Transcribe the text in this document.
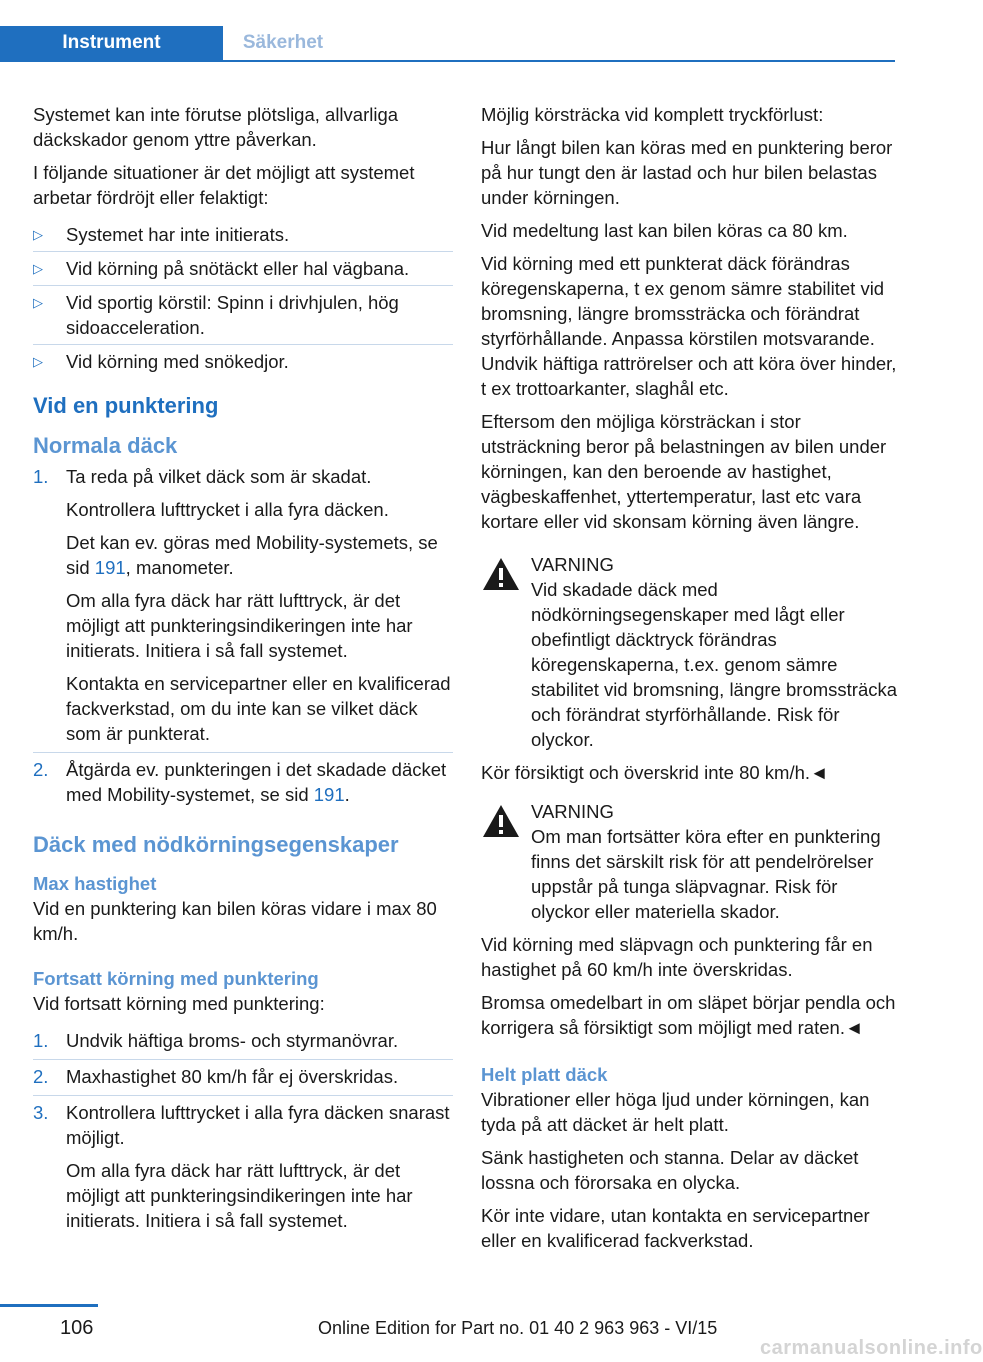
Instrument	Säkerhet

Systemet kan inte förutse plötsliga, allvarliga däckskador genom yttre påverkan.

I följande situationer är det möjligt att systemet arbetar fördröjt eller felaktigt:

▷ Systemet har inte initierats.
▷ Vid körning på snötäckt eller hal vägbana.
▷ Vid sportig körstil: Spinn i drivhjulen, hög sidoacceleration.
▷ Vid körning med snökedjor.
Vid en punktering
Normala däck
1. Ta reda på vilket däck som är skadat.

Kontrollera lufttrycket i alla fyra däcken.

Det kan ev. göras med Mobility-systemets, se sid 191, manometer.

Om alla fyra däck har rätt lufttryck, är det möjligt att punkteringsindikeringen inte har initierats. Initiera i så fall systemet.

Kontakta en servicepartner eller en kvalificerad fackverkstad, om du inte kan se vilket däck som är punkterat.

2. Åtgärda ev. punkteringen i det skadade däcket med Mobility-systemet, se sid 191.

Däck med nödkörningsegenskaper
Max hastighet

Vid en punktering kan bilen köras vidare i max 80 km/h.

Fortsatt körning med punktering

Vid fortsatt körning med punktering:

1. Undvik häftiga broms- och styrmanövrar.

2. Maxhastighet 80 km/h får ej överskridas.

3. Kontrollera lufttrycket i alla fyra däcken snarast möjligt.

Om alla fyra däck har rätt lufttryck, är det möjligt att punkteringsindikeringen inte har initierats. Initiera i så fall systemet.

Möjlig körsträcka vid komplett tryckförlust:

Hur långt bilen kan köras med en punktering beror på hur tungt den är lastad och hur bilen belastas under körningen.

Vid medeltung last kan bilen köras ca 80 km.

Vid körning med ett punkterat däck förändras köregenskaperna, t ex genom sämre stabilitet vid bromsning, längre bromssträcka och förändrat styrförhållande. Anpassa körstilen motsvarande. Undvik häftiga rattrörelser och att köra över hinder, t ex trottoarkanter, slaghål etc.

Eftersom den möjliga körsträckan i stor utsträckning beror på belastningen av bilen under körningen, kan den beroende av hastighet, vägbeskaffenhet, yttertemperatur, last etc vara kortare eller vid skonsam körning även längre.

VARNING

Vid skadade däck med nödkörningsegenskaper med lågt eller obefintligt däcktryck förändras köregenskaperna, t.ex. genom sämre stabilitet vid bromsning, längre bromssträcka och förändrat styrförhållande. Risk för olyckor.

Kör försiktigt och överskrid inte 80 km/h.◄

VARNING

Om man fortsätter köra efter en punktering finns det särskilt risk för att pendelrörelser uppstår på tunga släpvagnar. Risk för olyckor eller materiella skador.

Vid körning med släpvagn och punktering får en hastighet på 60 km/h inte överskridas.

Bromsa omedelbart in om släpet börjar pendla och korrigera så försiktigt som möjligt med raten.◄

Helt platt däck

Vibrationer eller höga ljud under körningen, kan tyda på att däcket är helt platt.

Sänk hastigheten och stanna. Delar av däcket lossna och förorsaka en olycka.

Kör inte vidare, utan kontakta en servicepartner eller en kvalificerad fackverkstad.

106	Online Edition for Part no. 01 40 2 963 963 - VI/15
carmanualsonline.info
